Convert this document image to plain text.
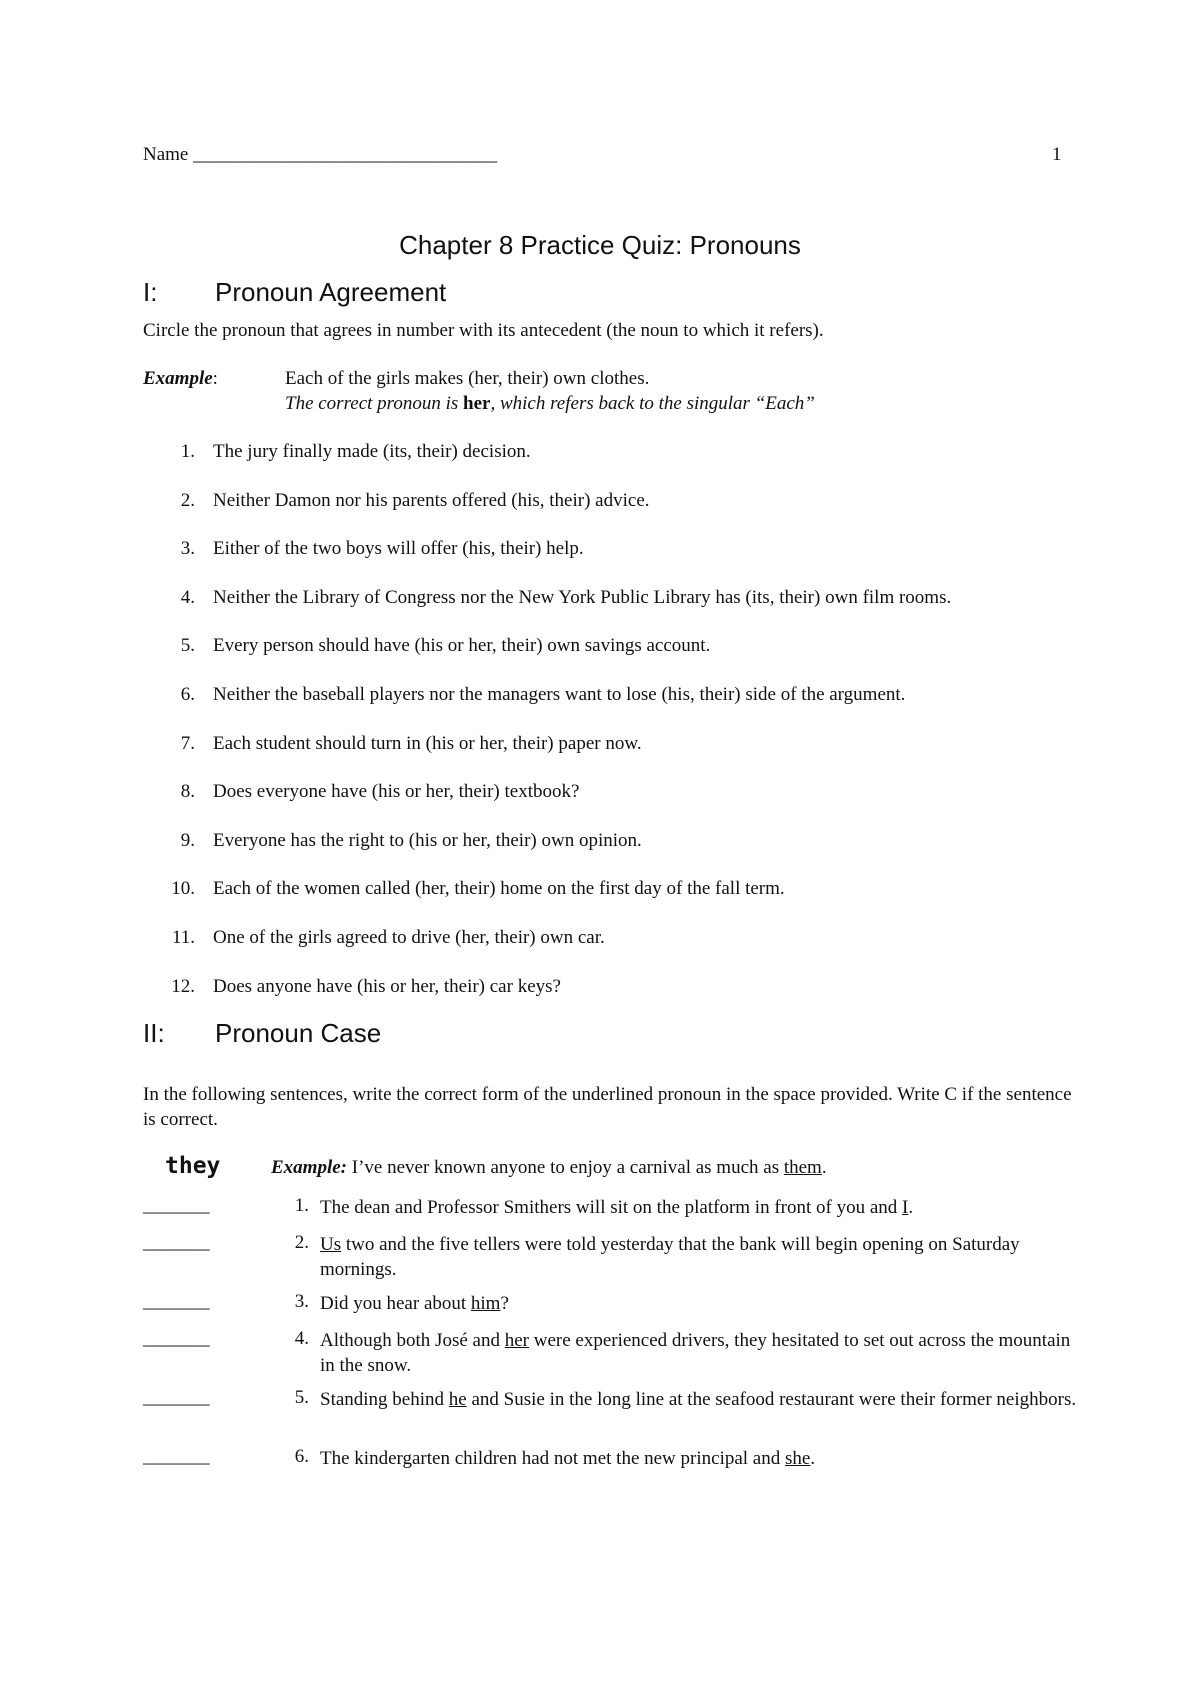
Name ________________________________	1
Chapter 8 Practice Quiz: Pronouns
I: Pronoun Agreement

Circle the pronoun that agrees in number with its antecedent (the noun to which it refers).

Example:	Each of the girls makes (her, their) own clothes.
The correct pronoun is her, which refers back to the singular “Each”
1. The jury finally made (its, their) decision.
2. Neither Damon nor his parents offered (his, their) advice.
3. Either of the two boys will offer (his, their) help.
4. Neither the Library of Congress nor the New York Public Library has (its, their) own film rooms.
5. Every person should have (his or her, their) own savings account.
6. Neither the baseball players nor the managers want to lose (his, their) side of the argument.
7. Each student should turn in (his or her, their) paper now.
8. Does everyone have (his or her, their) textbook?
9. Everyone has the right to (his or her, their) own opinion.
10. Each of the women called (her, their) home on the first day of the fall term.
11. One of the girls agreed to drive (her, their) own car.
12. Does anyone have (his or her, their) car keys?
II: Pronoun Case

In the following sentences, write the correct form of the underlined pronoun in the space provided. Write C if the sentence is correct.

they	Example: I’ve never known anyone to enjoy a carnival as much as them.
_______	1. The dean and Professor Smithers will sit on the platform in front of you and I.
_______	2. Us two and the five tellers were told yesterday that the bank will begin opening on Saturday mornings.
_______	3. Did you hear about him?
_______	4. Although both José and her were experienced drivers, they hesitated to set out across the mountain in the snow.
_______	5. Standing behind he and Susie in the long line at the seafood restaurant were their former neighbors.
_______	6. The kindergarten children had not met the new principal and she.
